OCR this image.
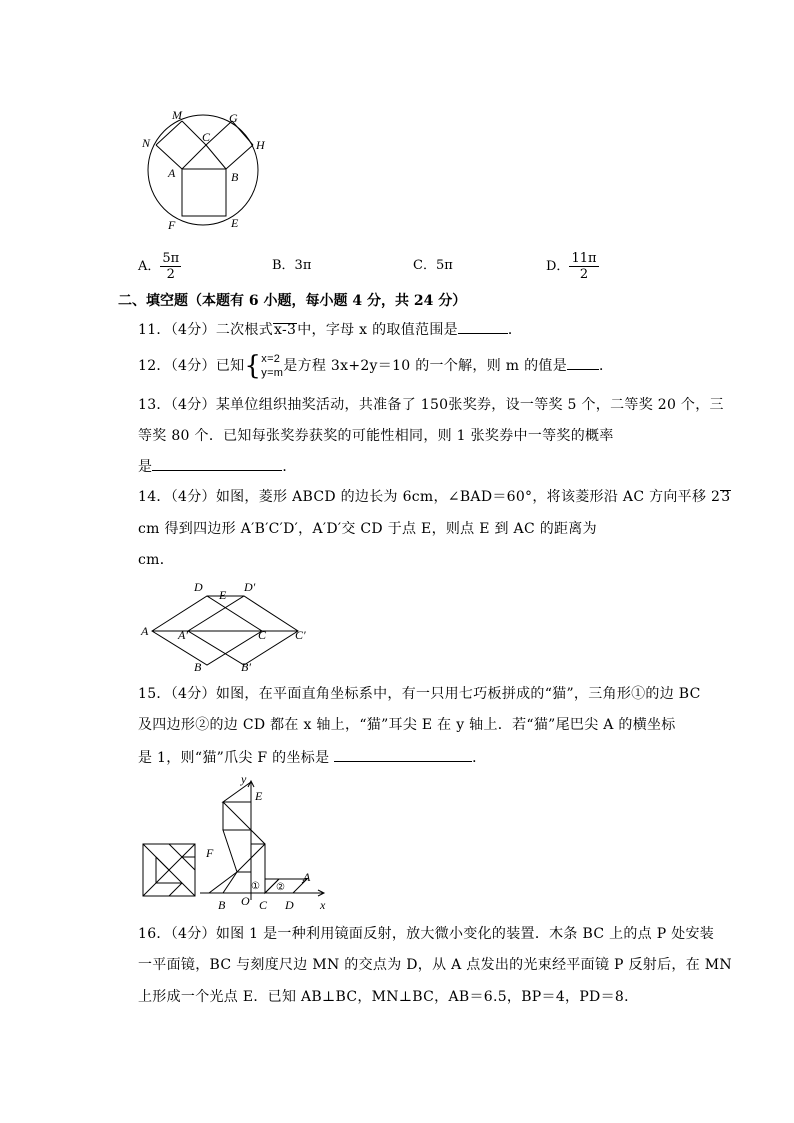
M	G
N	H
C
A	B
F	E
A． $\frac{5\pi}{2}$	B．3π	C．5π	D． $\frac{11\pi}{2}$
二、填空题（本题有 6 小题，每小题 4 分，共 24 分）
11．（4分）二次根式x-3中，字母 x 的取值范围是	．
12．（4分）已知{ x=2
y=m 是方程 3x+2y＝10 的一个解，则 m 的值是 ．
13．（4分）某单位组织抽奖活动，共准备了 150张奖券，设一等奖 5 个，二等奖 20 个，三
等奖 80 个．已知每张奖券获奖的可能性相同，则 1 张奖券中一等奖的概率
是	．
14．（4分）如图，菱形 ABCD 的边长为 6cm，∠BAD＝60°，将该菱形沿 AC 方向平移 23
cm 得到四边形 A′B′C′D′，A′D′交 CD 于点 E，则点 E 到 AC 的距离为
cm．
D
E
D′
A A′	C C′
B	B′
15．（4分）如图，在平面直角坐标系中，有一只用七巧板拼成的“猫”，三角形①的边 BC
及四边形②的边 CD 都在 x 轴上，“猫”耳尖 E 在 y 轴上．若“猫”尾巴尖 A 的横坐标
是 1，则“猫”爪尖 F 的坐标是	．
y
E
F
① ②
A
B O C D x
16．（4分）如图 1 是一种利用镜面反射，放大微小变化的装置．木条 BC 上的点 P 处安装
一平面镜，BC 与刻度尺边 MN 的交点为 D，从 A 点发出的光束经平面镜 P 反射后，在 MN
上形成一个光点 E．已知 AB⊥BC，MN⊥BC，AB＝6.5，BP＝4，PD＝8．
